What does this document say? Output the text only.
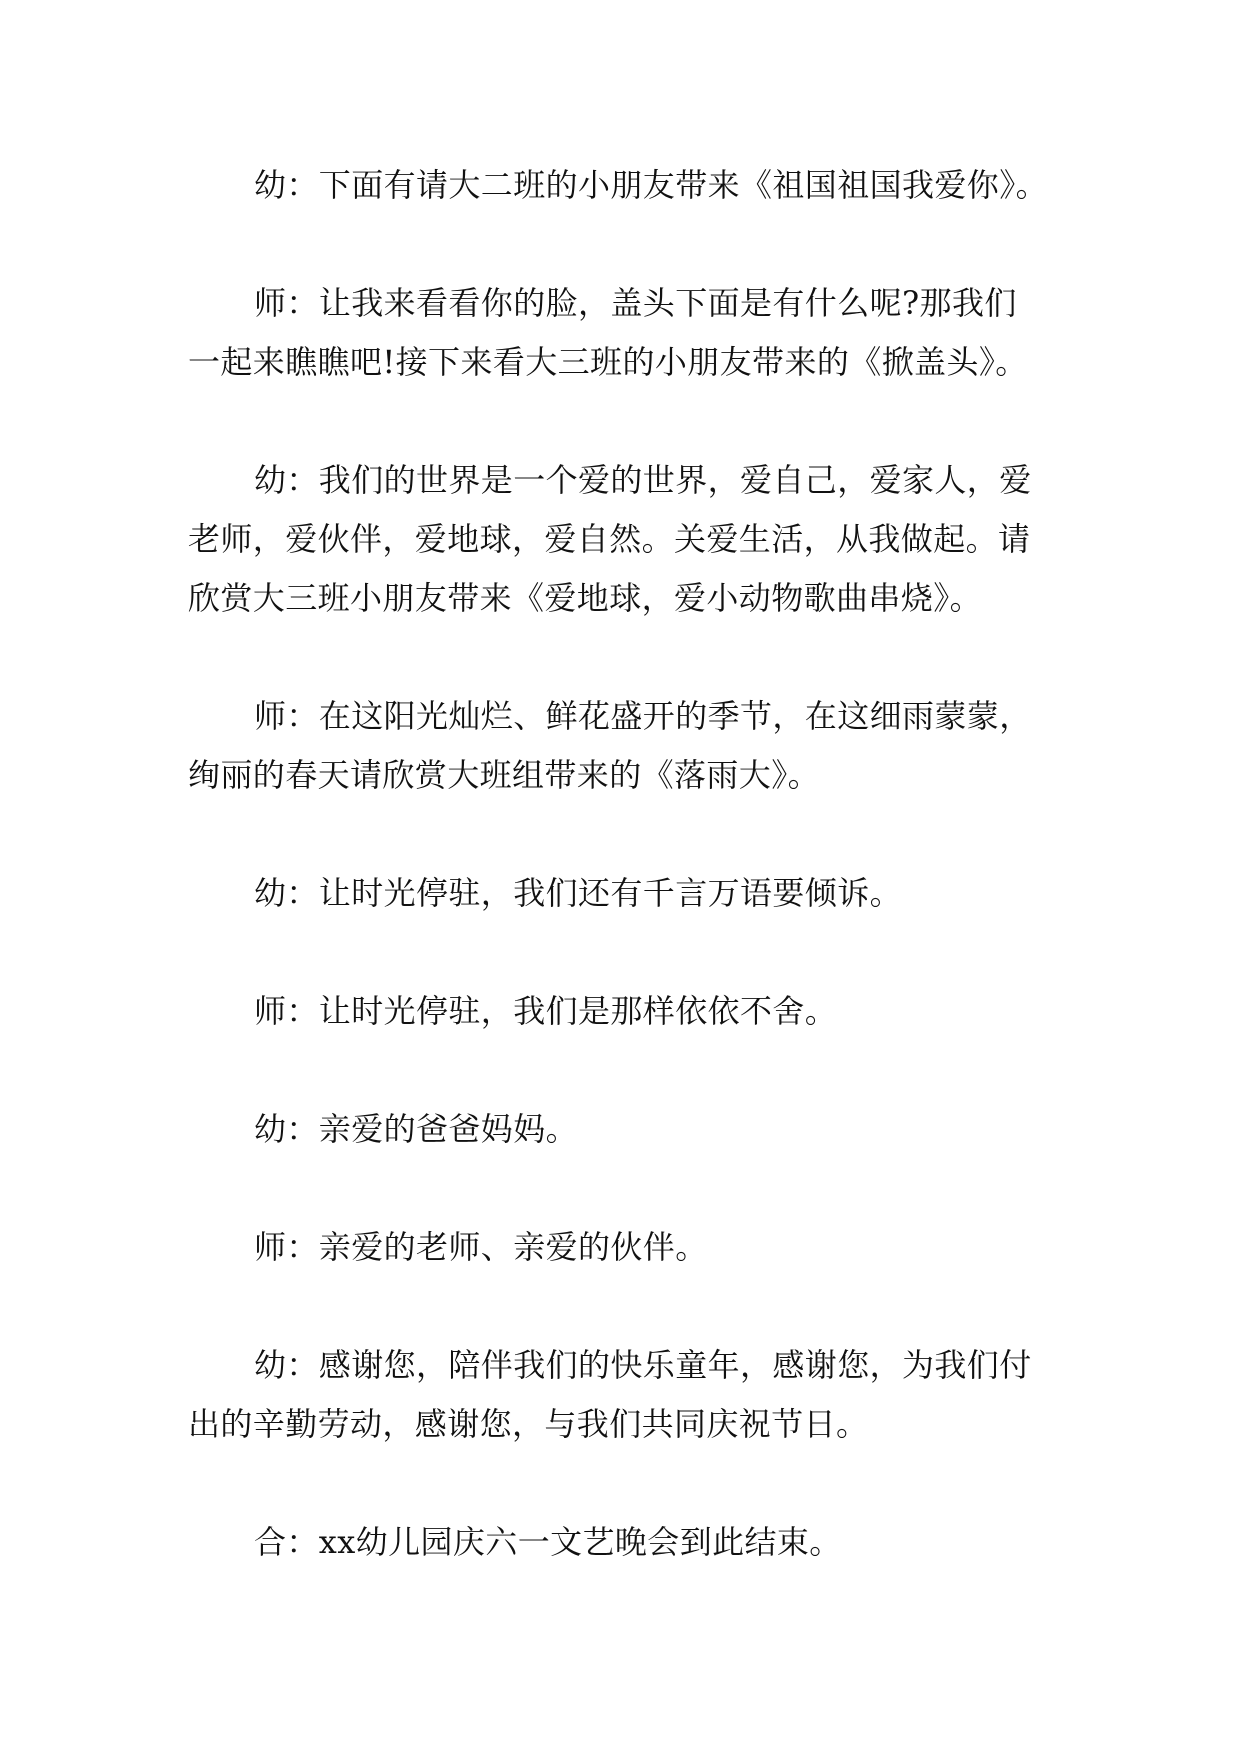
幼：下面有请大二班的小朋友带来《祖国祖国我爱你》。

师：让我来看看你的脸，盖头下面是有什么呢?那我们
一起来瞧瞧吧!接下来看大三班的小朋友带来的《掀盖头》。

幼：我们的世界是一个爱的世界，爱自己，爱家人，爱
老师，爱伙伴，爱地球，爱自然。关爱生活，从我做起。请
欣赏大三班小朋友带来《爱地球，爱小动物歌曲串烧》。

师：在这阳光灿烂、鲜花盛开的季节，在这细雨蒙蒙，
绚丽的春天请欣赏大班组带来的《落雨大》。

幼：让时光停驻，我们还有千言万语要倾诉。

师：让时光停驻，我们是那样依依不舍。

幼：亲爱的爸爸妈妈。

师：亲爱的老师、亲爱的伙伴。

幼：感谢您，陪伴我们的快乐童年，感谢您，为我们付
出的辛勤劳动，感谢您，与我们共同庆祝节日。

合：xx幼儿园庆六一文艺晚会到此结束。
